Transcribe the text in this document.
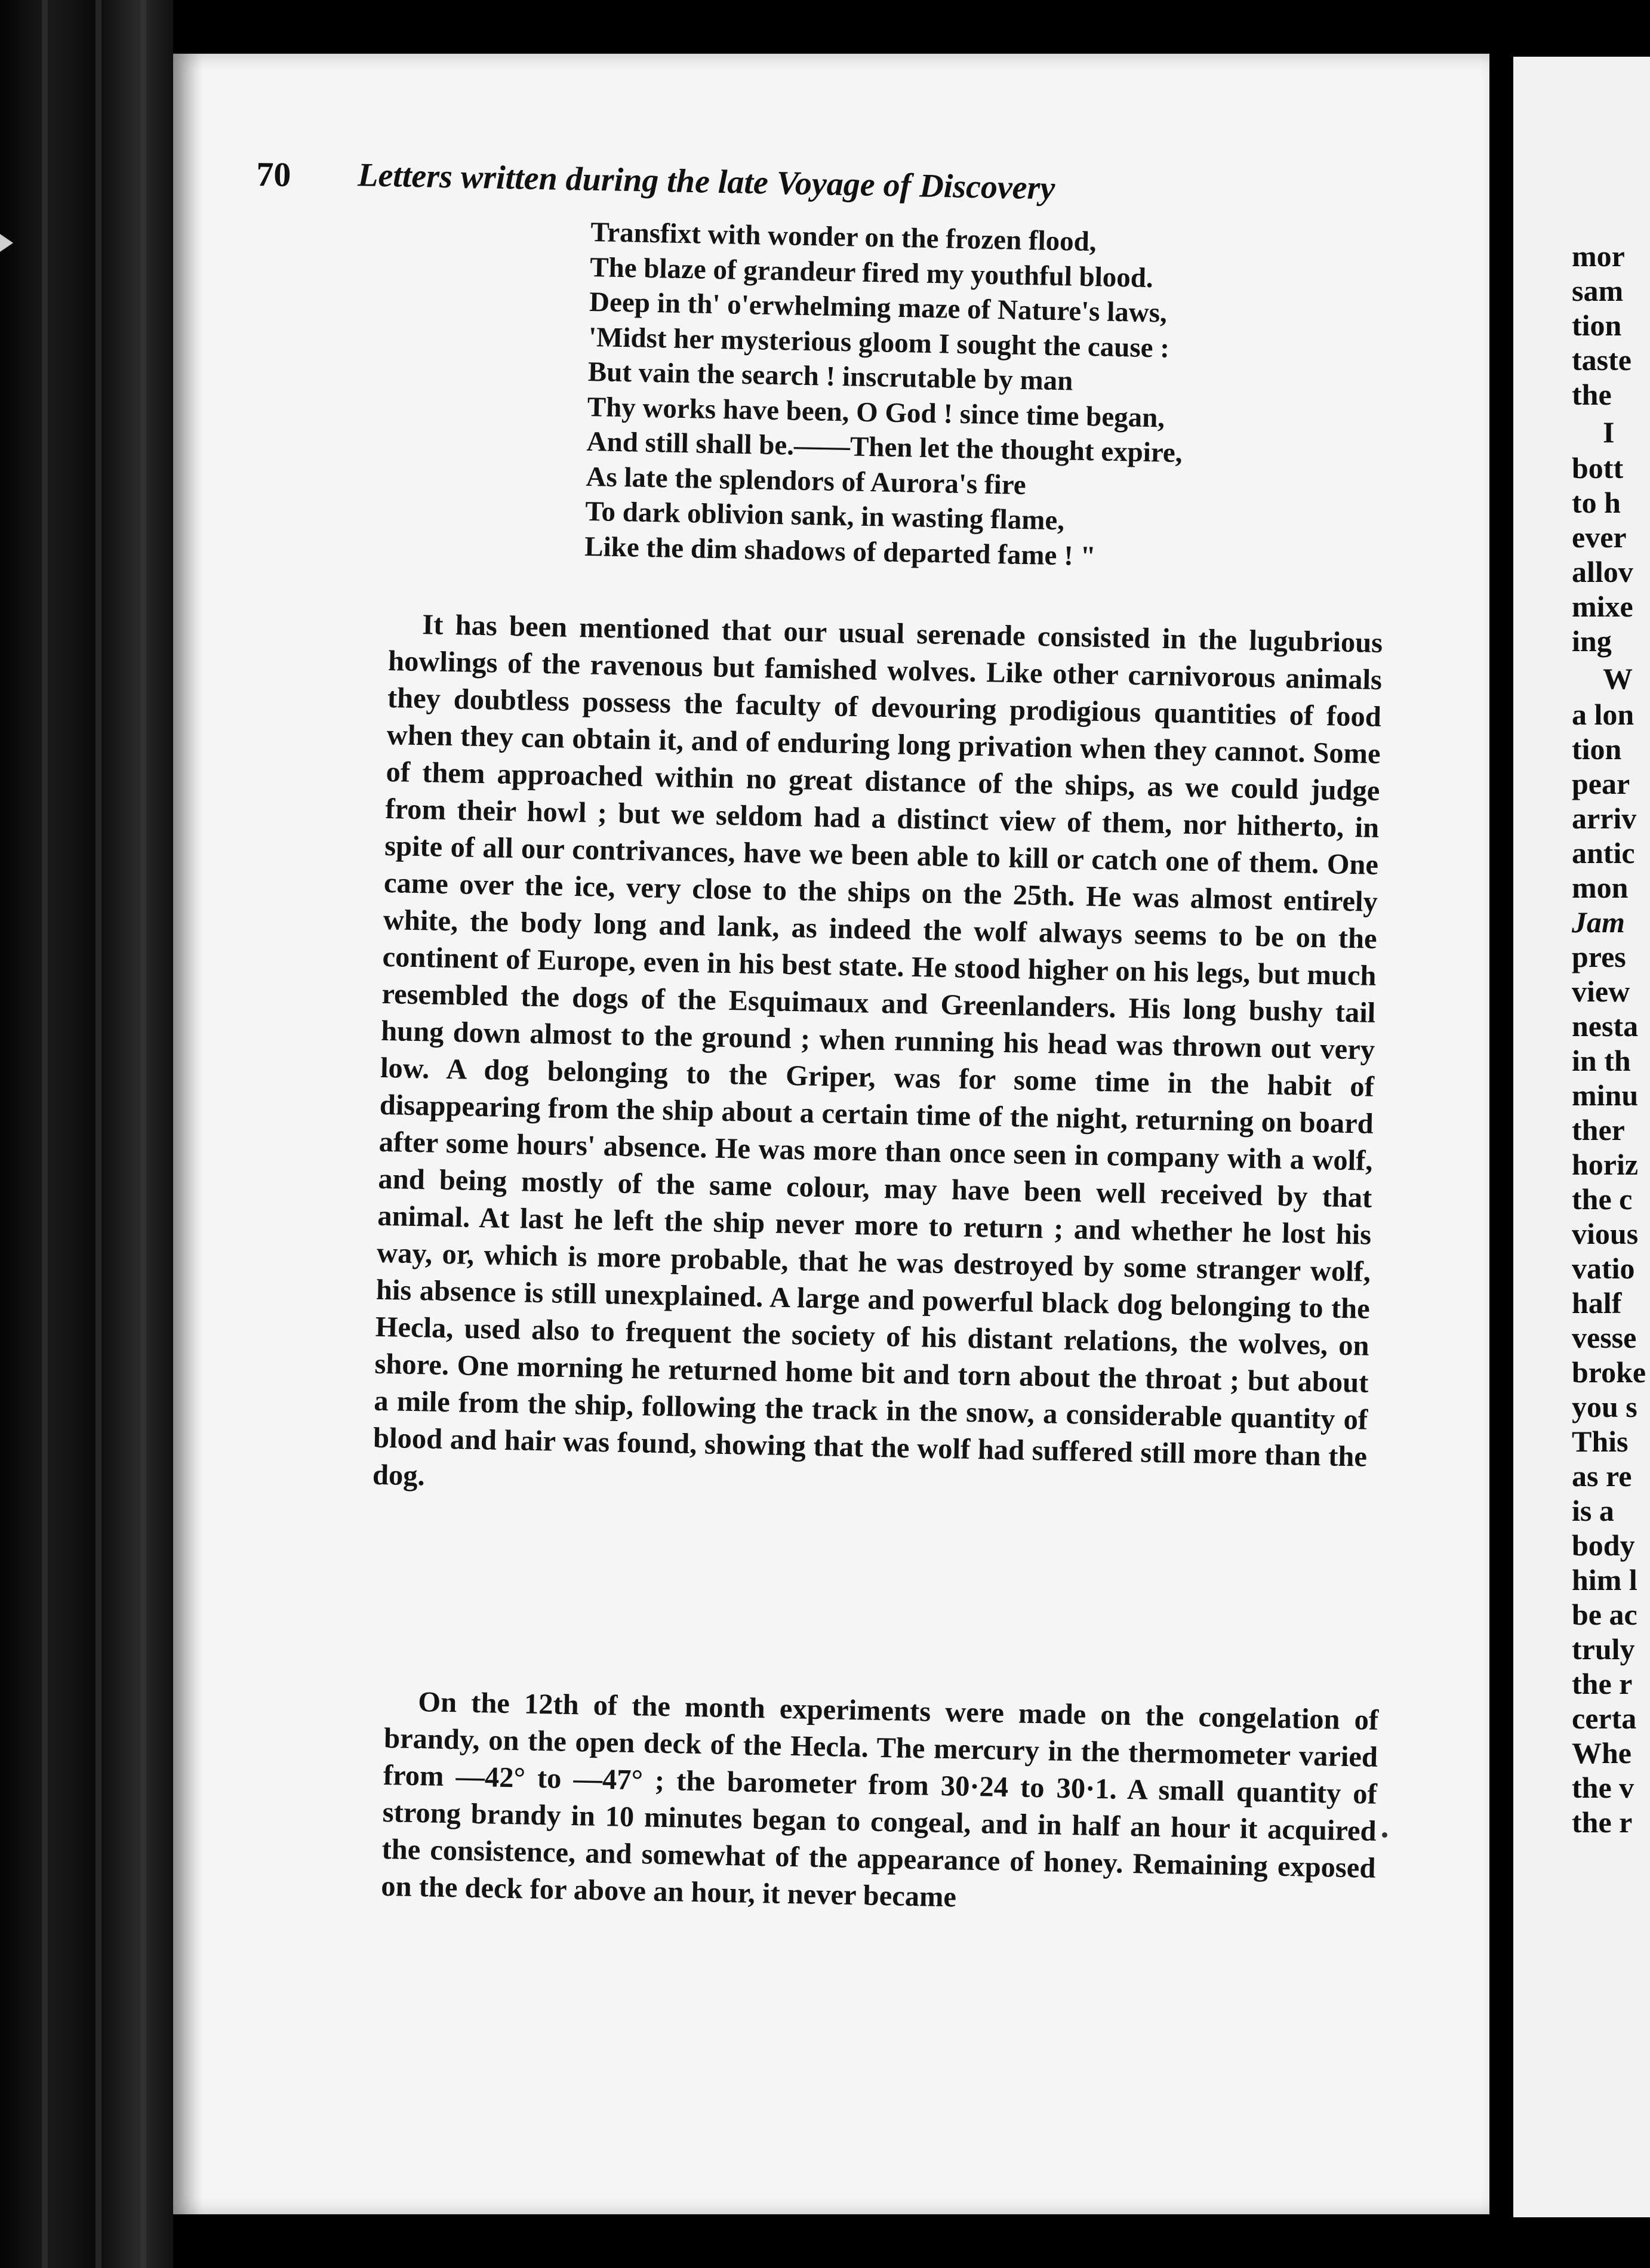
70 Letters written during the late Voyage of Discovery
Transfixt with wonder on the frozen flood,
The blaze of grandeur fired my youthful blood.
Deep in th' o'erwhelming maze of Nature's laws,
'Midst her mysterious gloom I sought the cause :
But vain the search ! inscrutable by man
Thy works have been, O God ! since time began,
And still shall be.——Then let the thought expire,
As late the splendors of Aurora's fire
To dark oblivion sank, in wasting flame,
Like the dim shadows of departed fame ! "

It has been mentioned that our usual serenade consisted in the lugubrious howlings of the ravenous but famished wolves. Like other carnivorous animals they doubtless possess the faculty of devouring prodigious quantities of food when they can obtain it, and of enduring long privation when they cannot. Some of them approached within no great distance of the ships, as we could judge from their howl ; but we seldom had a distinct view of them, nor hitherto, in spite of all our contrivances, have we been able to kill or catch one of them. One came over the ice, very close to the ships on the 25th. He was almost entirely white, the body long and lank, as indeed the wolf always seems to be on the continent of Europe, even in his best state. He stood higher on his legs, but much resembled the dogs of the Esquimaux and Greenlanders. His long bushy tail hung down almost to the ground ; when running his head was thrown out very low. A dog belonging to the Griper, was for some time in the habit of disappearing from the ship about a certain time of the night, returning on board after some hours' absence. He was more than once seen in company with a wolf, and being mostly of the same colour, may have been well received by that animal. At last he left the ship never more to return ; and whether he lost his way, or, which is more probable, that he was destroyed by some stranger wolf, his absence is still unexplained. A large and powerful black dog belonging to the Hecla, used also to frequent the society of his distant relations, the wolves, on shore. One morning he returned home bit and torn about the throat ; but about a mile from the ship, following the track in the snow, a considerable quantity of blood and hair was found, showing that the wolf had suffered still more than the dog.

On the 12th of the month experiments were made on the congelation of brandy, on the open deck of the Hecla. The mercury in the thermometer varied from —42° to —47° ; the barometer from 30·24 to 30·1. A small quantity of strong brandy in 10 minutes began to congeal, and in half an hour it acquired the consistence, and somewhat of the appearance of honey. Remaining exposed on the deck for above an hour, it never became

mor
sam
tion
taste
the
I
bott
to h
ever
allov
mixe
ing
W
a lon
tion
pear
arriv
antic
mon
Jam
pres
view
nesta
in th
minu
ther
horiz
the c
vious
vatio
half
vesse
broke
you s
This
as re
is a
body
him l
be ac
truly
the r
certa
Whe
the v
the r
